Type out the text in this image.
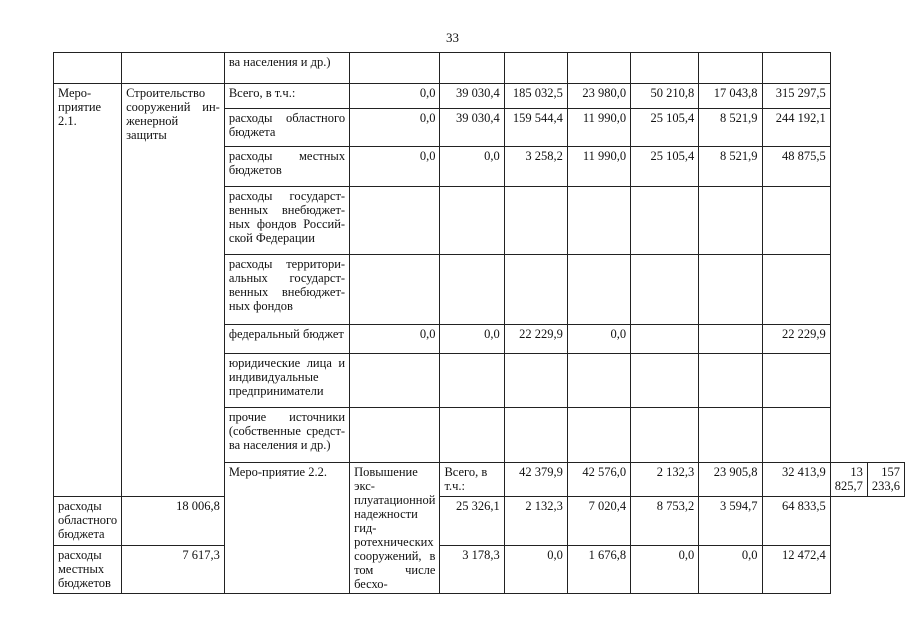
33
		ва населения и др.)									
Меро-приятие 2.1.	Строительство сооружений ин-женерной защиты	Всего, в т.ч.:	0,0	39 030,4	185 032,5	23 980,0	50 210,8	17 043,8	315 297,5		
		расходы областного бюджета	0,0	39 030,4	159 544,4	11 990,0	25 105,4	8 521,9	244 192,1		
		расходы местных бюджетов	0,0	0,0	3 258,2	11 990,0	25 105,4	8 521,9	48 875,5		
		расходы государст-венных внебюджет-ных фондов Россий-ской Федерации									
		расходы территори-альных государст-венных внебюджет-ных фондов									
		федеральный бюджет	0,0	0,0	22 229,9	0,0			22 229,9		
		юридические лица и индивидуальные предприниматели									
		прочие источники (собственные средст-ва населения и др.)									
		Меро-приятие 2.2.	Повышение экс-плуатационной надежности гид-ротехнических сооружений, в том числе бесхо-	Всего, в т.ч.:	42 379,9	42 576,0	2 132,3	23 905,8	32 413,9	13 825,7	157 233,6
расходы областного бюджета	18 006,8			25 326,1	2 132,3	7 020,4	8 753,2	3 594,7	64 833,5		
расходы местных бюджетов	7 617,3			3 178,3	0,0	1 676,8	0,0	0,0	12 472,4		
